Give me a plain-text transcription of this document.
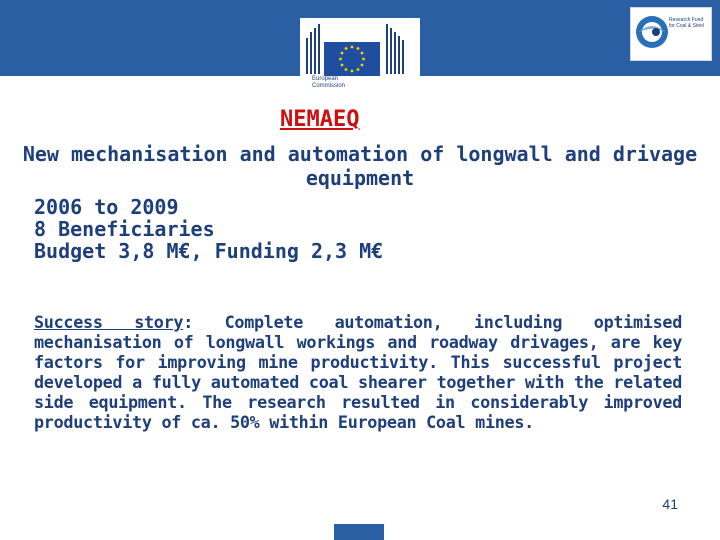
European Commission
Research Fund for Coal & Steel
NEMAEQ

New mechanisation and automation of longwall and drivage equipment

2006 to 2009
8 Beneficiaries
Budget 3,8 M€, Funding 2,3 M€
Success story: Complete automation, including optimised mechanisation of longwall workings and roadway drivages, are key factors for improving mine productivity. This successful project developed a fully automated coal shearer together with the related side equipment. The research resulted in considerably improved productivity of ca. 50% within European Coal mines.
41
